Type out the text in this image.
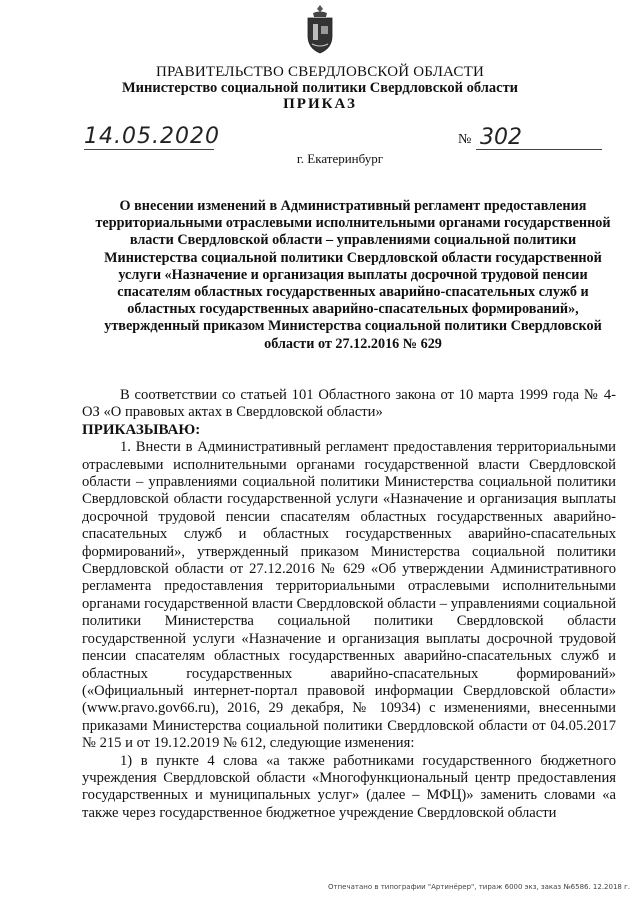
ПРАВИТЕЛЬСТВО СВЕРДЛОВСКОЙ ОБЛАСТИ
Министерство социальной политики Свердловской области
ПРИКАЗ
14.05.2020	№ 302
г. Екатеринбург
О внесении изменений в Административный регламент предоставления территориальными отраслевыми исполнительными органами государственной власти Свердловской области – управлениями социальной политики Министерства социальной политики Свердловской области государственной услуги «Назначение и организация выплаты досрочной трудовой пенсии спасателям областных государственных аварийно-спасательных служб и областных государственных аварийно-спасательных формирований», утвержденный приказом Министерства социальной политики Свердловской области от 27.12.2016 № 629

В соответствии со статьей 101 Областного закона от 10 марта 1999 года № 4-ОЗ «О правовых актах в Свердловской области»

ПРИКАЗЫВАЮ:

1. Внести в Административный регламент предоставления территориальными отраслевыми исполнительными органами государственной власти Свердловской области – управлениями социальной политики Министерства социальной политики Свердловской области государственной услуги «Назначение и организация выплаты досрочной трудовой пенсии спасателям областных государственных аварийно-спасательных служб и областных государственных аварийно-спасательных формирований», утвержденный приказом Министерства социальной политики Свердловской области от 27.12.2016 № 629 «Об утверждении Административного регламента предоставления территориальными отраслевыми исполнительными органами государственной власти Свердловской области – управлениями социальной политики Министерства социальной политики Свердловской области государственной услуги «Назначение и организация выплаты досрочной трудовой пенсии спасателям областных государственных аварийно-спасательных служб и областных государственных аварийно-спасательных формирований» («Официальный интернет-портал правовой информации Свердловской области» (www.pravo.gov66.ru), 2016, 29 декабря, № 10934) с изменениями, внесенными приказами Министерства социальной политики Свердловской области от 04.05.2017 № 215 и от 19.12.2019 № 612, следующие изменения:

1) в пункте 4 слова «а также работниками государственного бюджетного учреждения Свердловской области «Многофункциональный центр предоставления государственных и муниципальных услуг» (далее – МФЦ)» заменить словами «а также через государственное бюджетное учреждение Свердловской области

Отпечатано в типографии "Артинёрер", тираж 6000 экз, заказ №6586. 12.2018 г.
